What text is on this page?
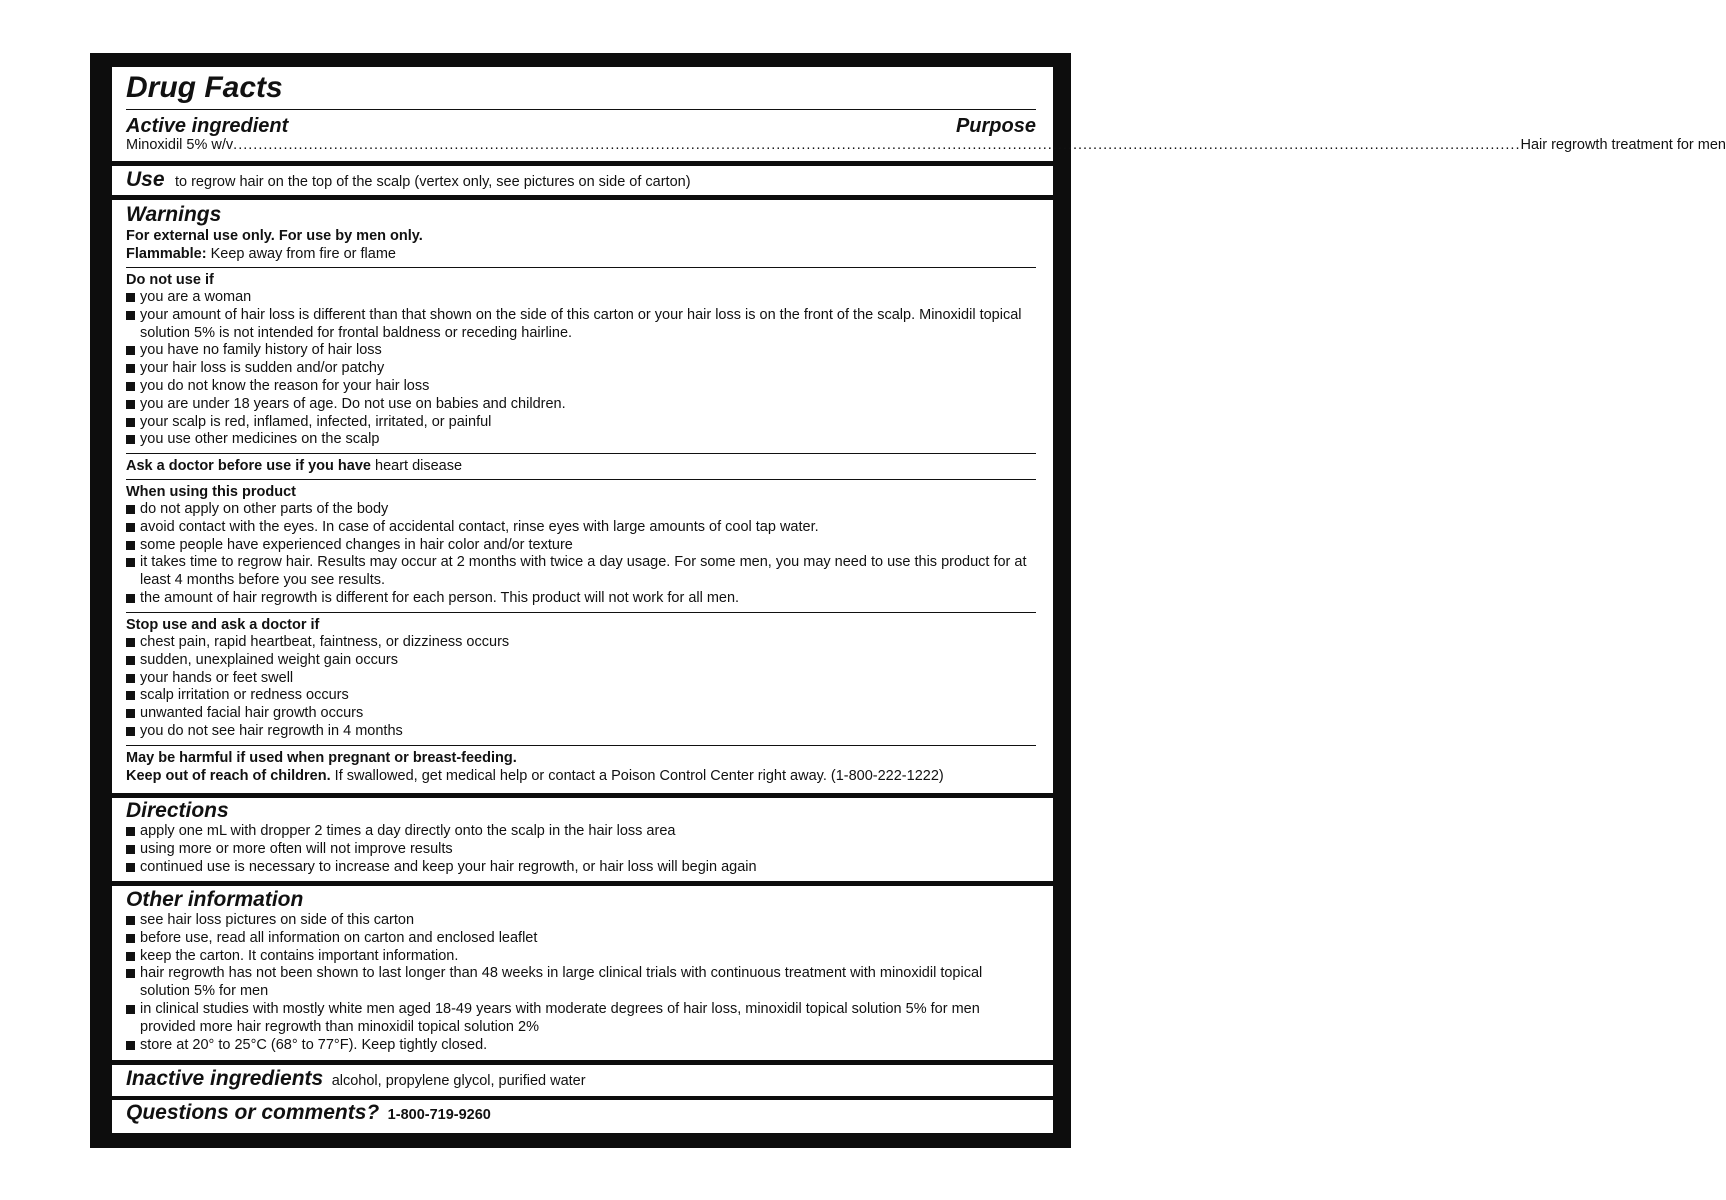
Drug Facts
Active ingredient	Purpose
Minoxidil 5% w/v ................................................................................................................................................................................................................................................................ Hair regrowth treatment for men
Use to regrow hair on the top of the scalp (vertex only, see pictures on side of carton)
Warnings
For external use only. For use by men only.
Flammable: Keep away from fire or flame
Do not use if
you are a woman
your amount of hair loss is different than that shown on the side of this carton or your hair loss is on the front of the scalp. Minoxidil topical solution 5% is not intended for frontal baldness or receding hairline.
you have no family history of hair loss
your hair loss is sudden and/or patchy
you do not know the reason for your hair loss
you are under 18 years of age. Do not use on babies and children.
your scalp is red, inflamed, infected, irritated, or painful
you use other medicines on the scalp
Ask a doctor before use if you have heart disease
When using this product
do not apply on other parts of the body
avoid contact with the eyes. In case of accidental contact, rinse eyes with large amounts of cool tap water.
some people have experienced changes in hair color and/or texture
it takes time to regrow hair. Results may occur at 2 months with twice a day usage. For some men, you may need to use this product for at least 4 months before you see results.
the amount of hair regrowth is different for each person. This product will not work for all men.
Stop use and ask a doctor if
chest pain, rapid heartbeat, faintness, or dizziness occurs
sudden, unexplained weight gain occurs
your hands or feet swell
scalp irritation or redness occurs
unwanted facial hair growth occurs
you do not see hair regrowth in 4 months
May be harmful if used when pregnant or breast-feeding.
Keep out of reach of children. If swallowed, get medical help or contact a Poison Control Center right away. (1-800-222-1222)
Directions
apply one mL with dropper 2 times a day directly onto the scalp in the hair loss area
using more or more often will not improve results
continued use is necessary to increase and keep your hair regrowth, or hair loss will begin again
Other information
see hair loss pictures on side of this carton
before use, read all information on carton and enclosed leaflet
keep the carton. It contains important information.
hair regrowth has not been shown to last longer than 48 weeks in large clinical trials with continuous treatment with minoxidil topical solution 5% for men
in clinical studies with mostly white men aged 18-49 years with moderate degrees of hair loss, minoxidil topical solution 5% for men provided more hair regrowth than minoxidil topical solution 2%
store at 20° to 25°C (68° to 77°F). Keep tightly closed.
Inactive ingredients alcohol, propylene glycol, purified water
Questions or comments? 1-800-719-9260
